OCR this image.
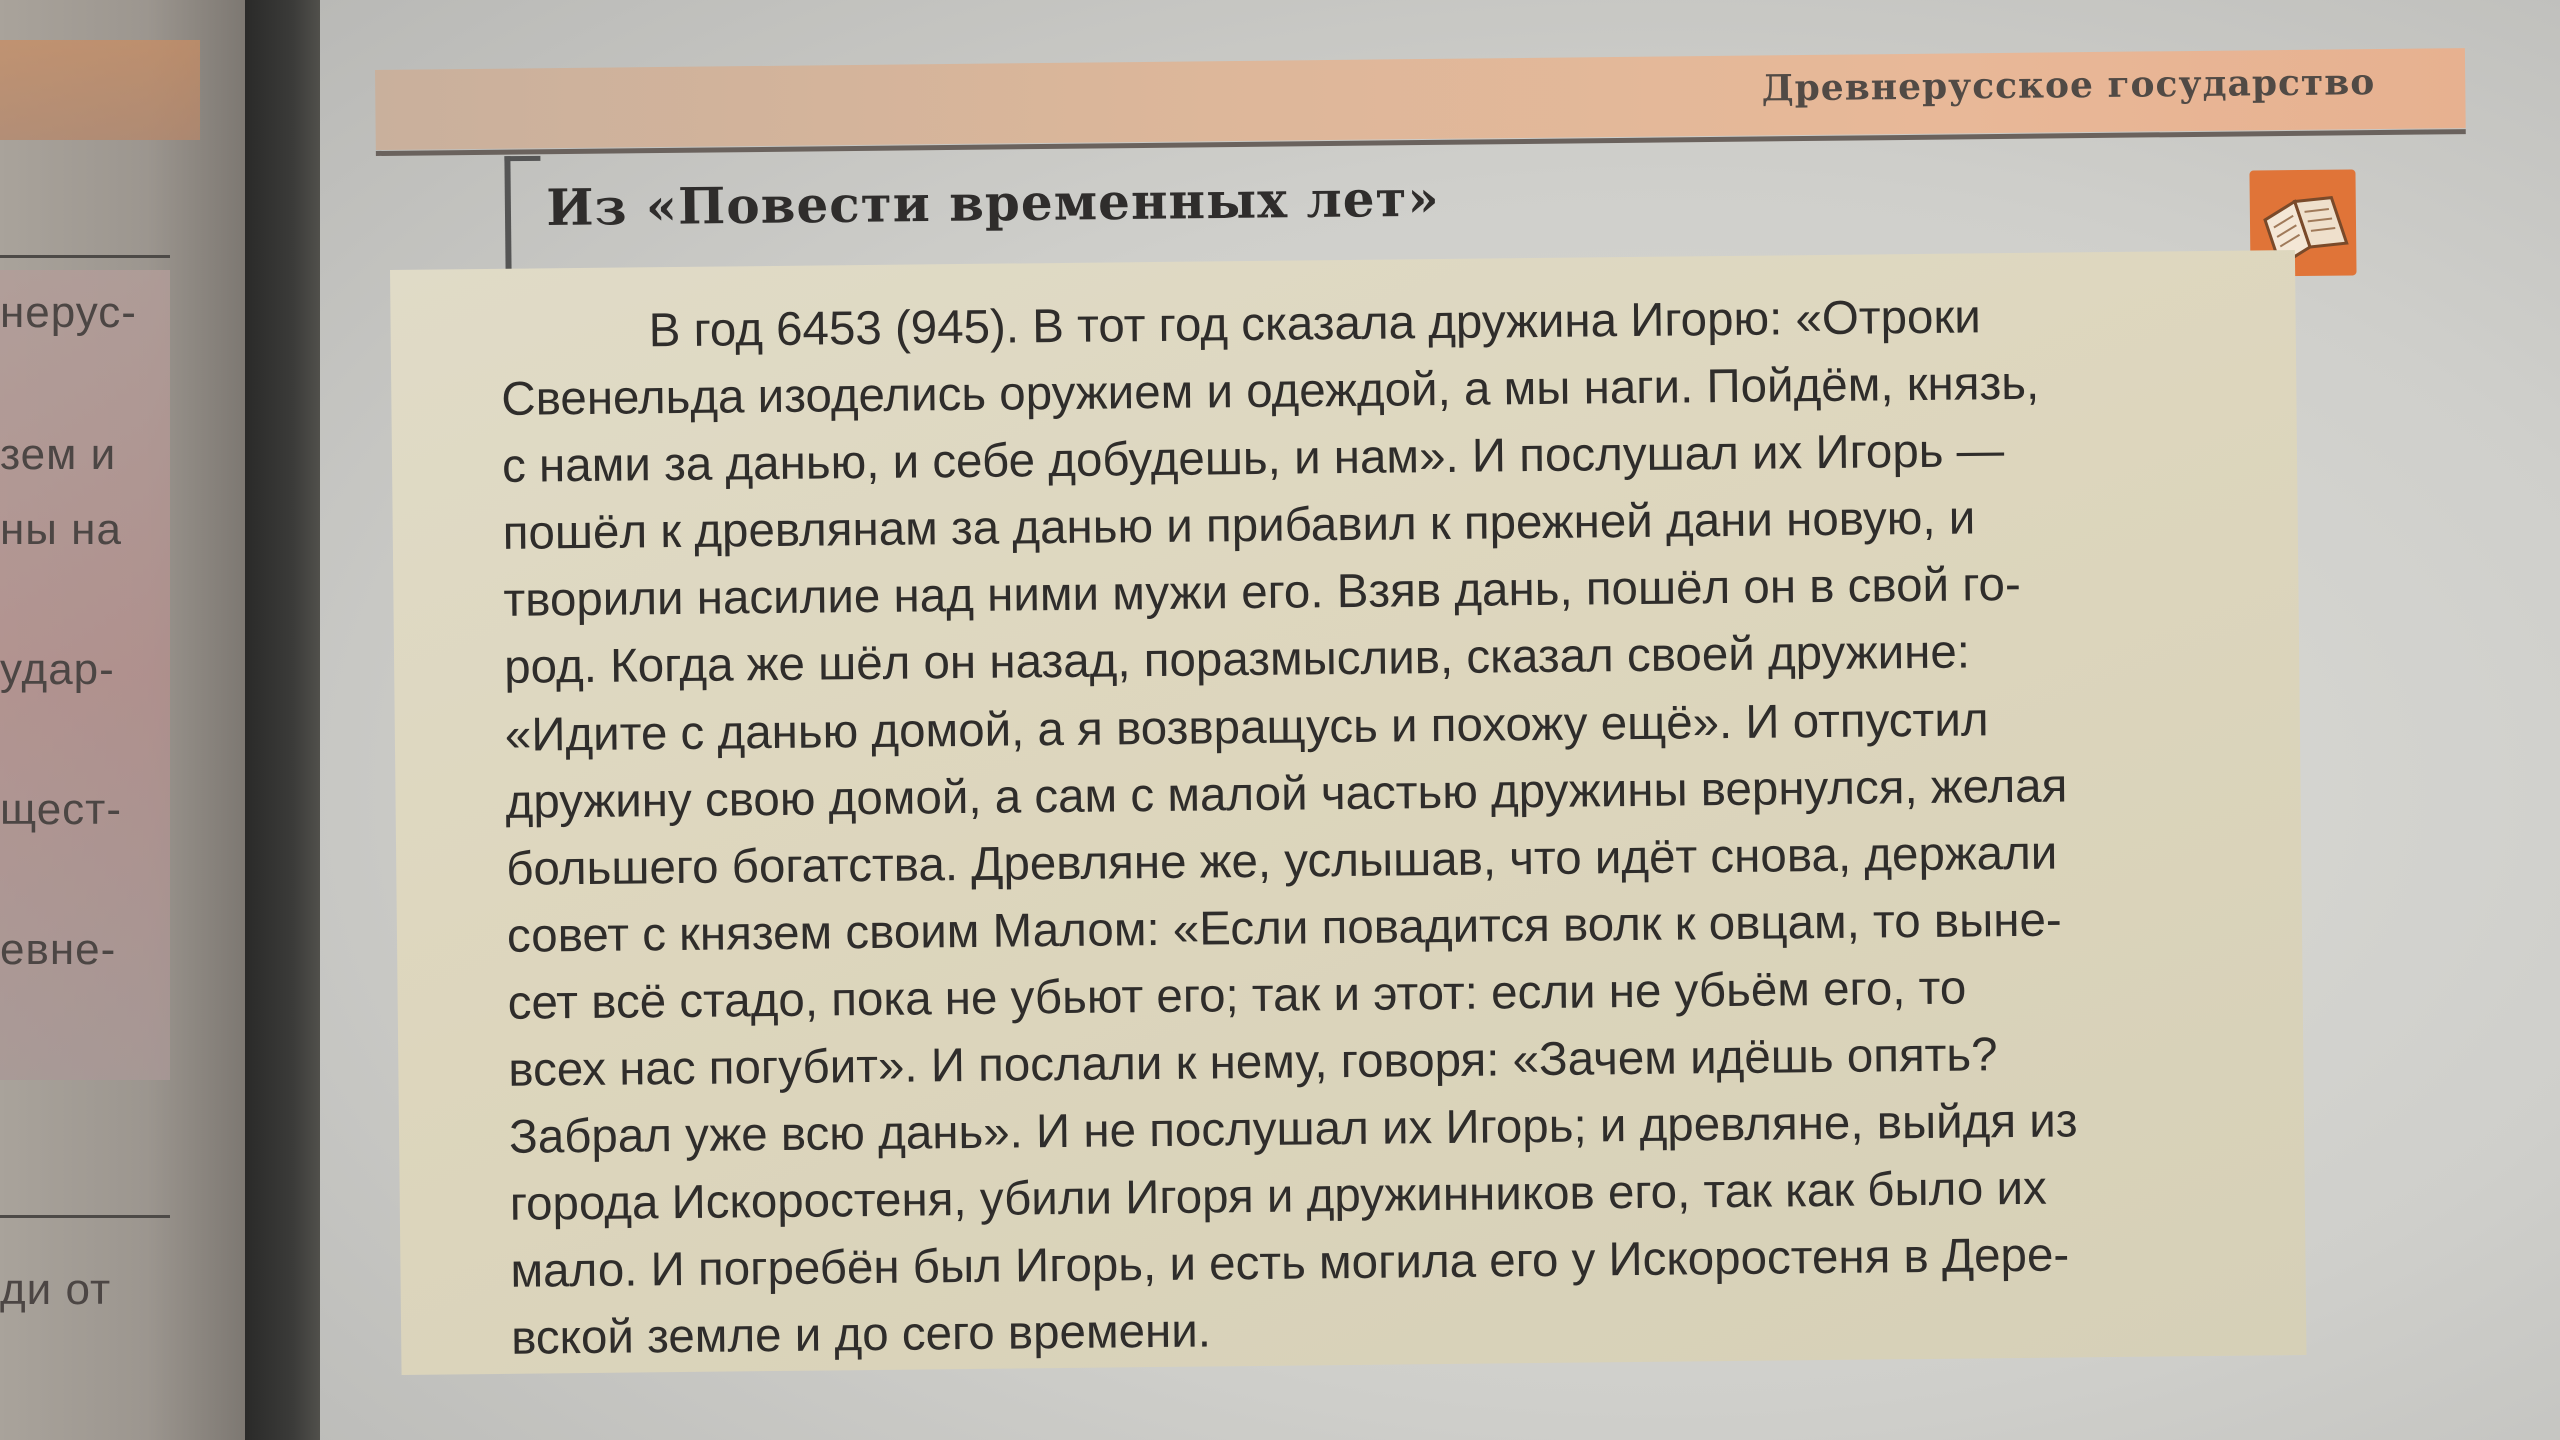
нерус-
зем и
ны на
удар-
щест-
евне-
ди от
Древнерусское государство
Из «Повести временных лет»
В год 6453 (945). В тот год сказала дружина Игорю: «Отроки
Свенельда изоделись оружием и одеждой, а мы наги. Пойдём, князь,
с нами за данью, и себе добудешь, и нам». И послушал их Игорь —
пошёл к древлянам за данью и прибавил к прежней дани новую, и
творили насилие над ними мужи его. Взяв дань, пошёл он в свой го-
род. Когда же шёл он назад, поразмыслив, сказал своей дружине:
«Идите с данью домой, а я возвращусь и похожу ещё». И отпустил
дружину свою домой, а сам с малой частью дружины вернулся, желая
большего богатства. Древляне же, услышав, что идёт снова, держали
совет с князем своим Малом: «Если повадится волк к овцам, то выне-
сет всё стадо, пока не убьют его; так и этот: если не убьём его, то
всех нас погубит». И послали к нему, говоря: «Зачем идёшь опять?
Забрал уже всю дань». И не послушал их Игорь; и древляне, выйдя из
города Искоростеня, убили Игоря и дружинников его, так как было их
мало. И погребён был Игорь, и есть могила его у Искоростеня в Дере-
вской земле и до сего времени.
